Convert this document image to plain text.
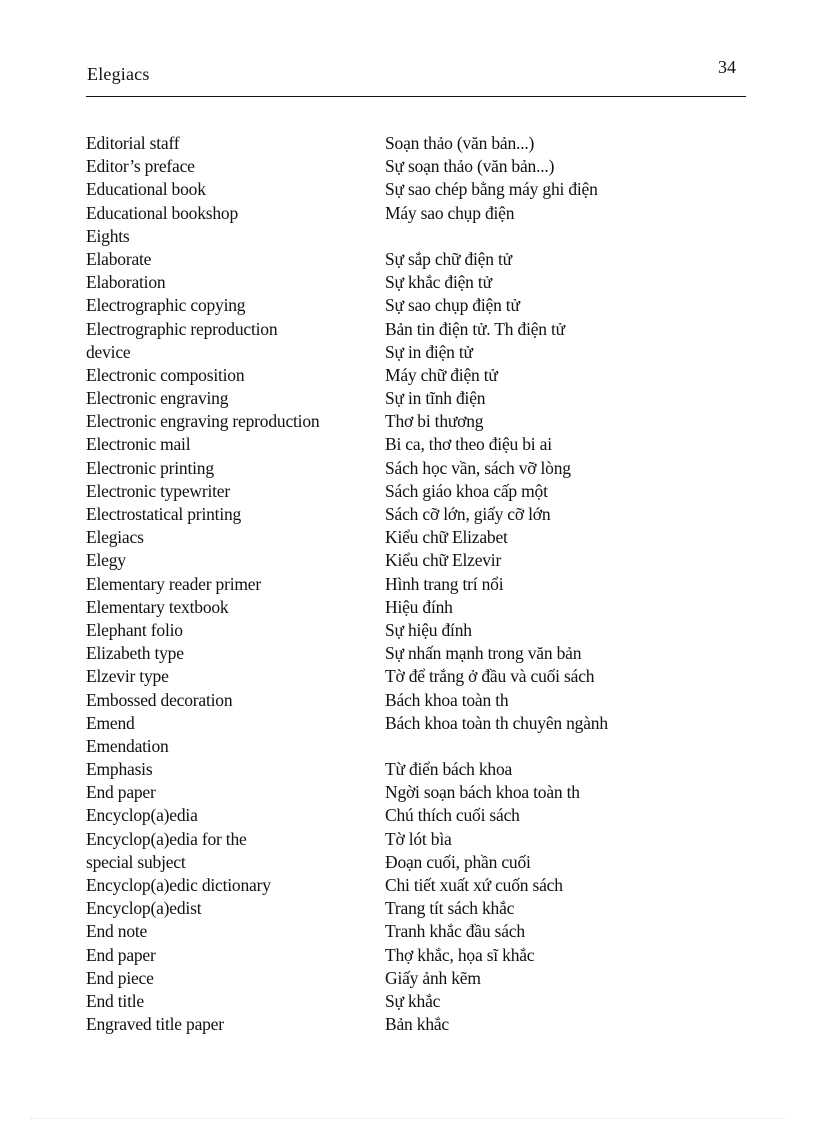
Elegiacs	34
Editorial staff	Soạn thảo (văn bản...)
Editor’s preface	Sự soạn thảo (văn bản...)
Educational book	Sự sao chép bằng máy ghi điện
Educational bookshop	Máy sao chụp điện
Eights
Elaborate	Sự sắp chữ điện tử
Elaboration	Sự khắc điện tử
Electrographic copying	Sự sao chụp điện tử
Electrographic reproduction	Bản tin điện tử. Th điện tử
device	Sự in điện tử
Electronic composition	Máy chữ điện tử
Electronic engraving	Sự in tĩnh điện
Electronic engraving reproduction	Thơ bi thương
Electronic mail	Bi ca, thơ theo điệu bi ai
Electronic printing	Sách học vần, sách vỡ lòng
Electronic typewriter	Sách giáo khoa cấp một
Electrostatical printing	Sách cỡ lớn, giấy cỡ lớn
Elegiacs	Kiểu chữ Elizabet
Elegy	Kiểu chữ Elzevir
Elementary reader primer	Hình trang trí nổi
Elementary textbook	Hiệu đính
Elephant folio	Sự hiệu đính
Elizabeth type	Sự nhấn mạnh trong văn bản
Elzevir type	Tờ để trắng ở đầu và cuối sách
Embossed decoration	Bách khoa toàn th
Emend	Bách khoa toàn th chuyên ngành
Emendation
Emphasis	Từ điển bách khoa
End paper	Ngời soạn bách khoa toàn th
Encyclop(a)edia	Chú thích cuối sách
Encyclop(a)edia for the	Tờ lót bìa
special subject	Đoạn cuối, phần cuối
Encyclop(a)edic dictionary	Chi tiết xuất xứ cuốn sách
Encyclop(a)edist	Trang tít sách khắc
End note	Tranh khắc đầu sách
End paper	Thợ khắc, họa sĩ khắc
End piece	Giấy ảnh kẽm
End title	Sự khắc
Engraved title paper	Bản khắc
